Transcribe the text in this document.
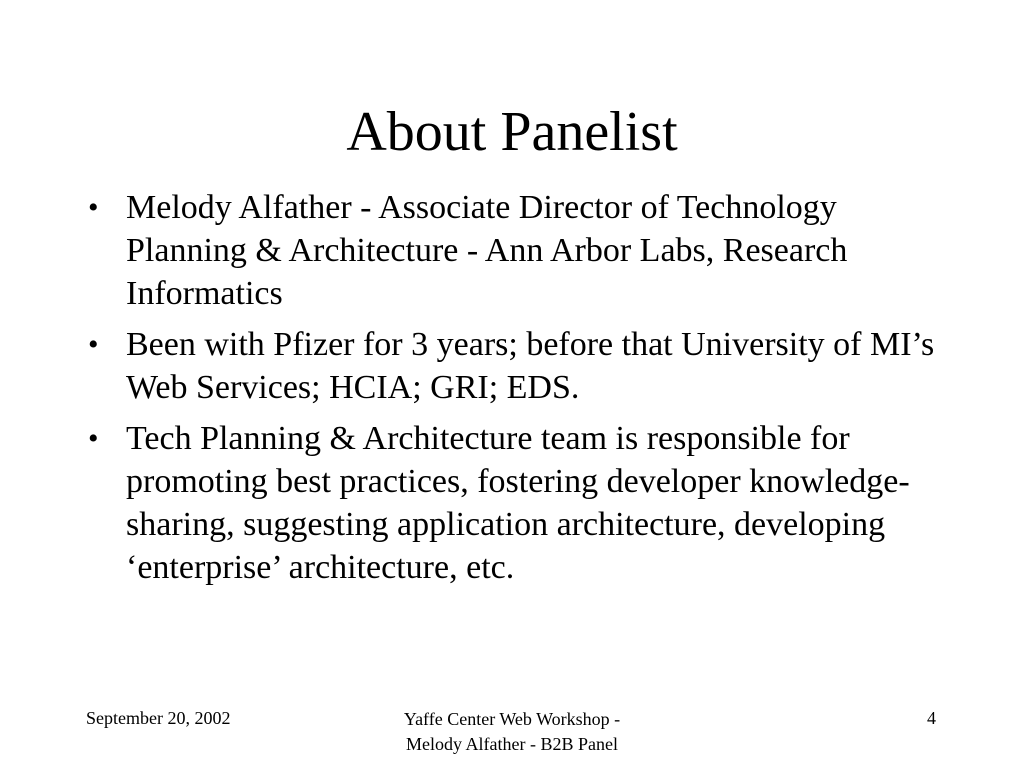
About Panelist
• Melody Alfather - Associate Director of Technology Planning & Architecture - Ann Arbor Labs, Research Informatics
• Been with Pfizer for 3 years; before that University of MI’s Web Services; HCIA; GRI; EDS.
• Tech Planning & Architecture team is responsible for promoting best practices, fostering developer knowledge-sharing, suggesting application architecture, developing ‘enterprise’ architecture, etc.
September 20, 2002	Yaffe Center Web Workshop -
Melody Alfather - B2B Panel
4
